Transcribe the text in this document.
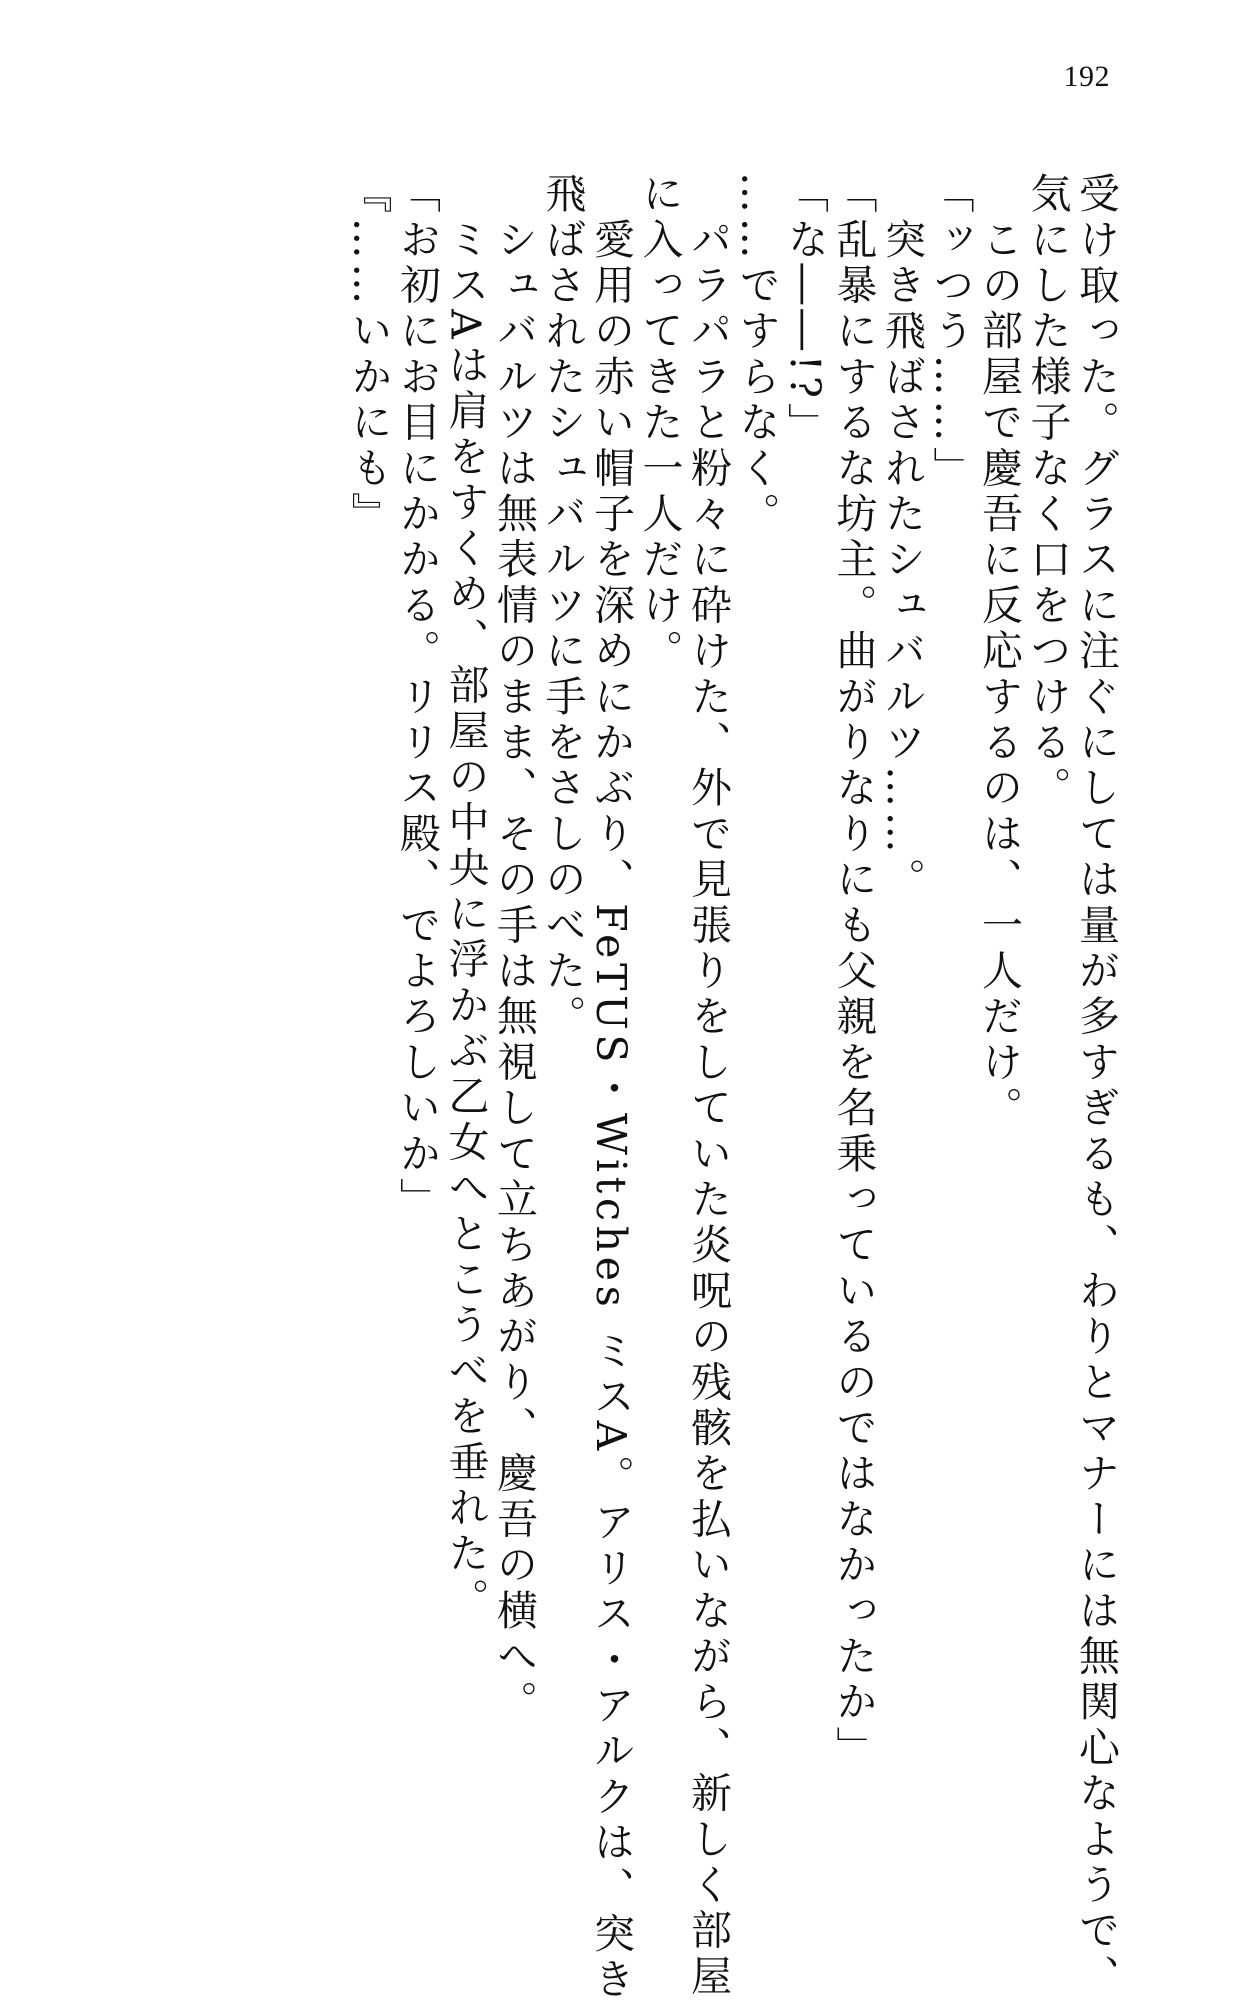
192
受け取った。グラスに注ぐにしては量が多すぎるも、わりとマナーには無関心なようで、
気にした様子なく口をつける。
　この部屋で慶吾に反応するのは、一人だけ。
「ッつう……」
　突き飛ばされたシュバルツ……。
「乱暴にするな坊主。曲がりなりにも父親を名乗っているのではなかったか」
「な――!?」
……ですらなく。
　パラパラと粉々に砕けた、外で見張りをしていた炎呪の残骸を払いながら、新しく部屋
に入ってきた一人だけ。
　愛用の赤い帽子を深めにかぶり、FeTUS・Witches ミスA。アリス・アルクは、突き
飛ばされたシュバルツに手をさしのべた。
　シュバルツは無表情のまま、その手は無視して立ちあがり、慶吾の横へ。
　ミスAは肩をすくめ、部屋の中央に浮かぶ乙女へとこうべを垂れた。
「お初にお目にかかる。リリス殿、でよろしいか」
『……いかにも』
